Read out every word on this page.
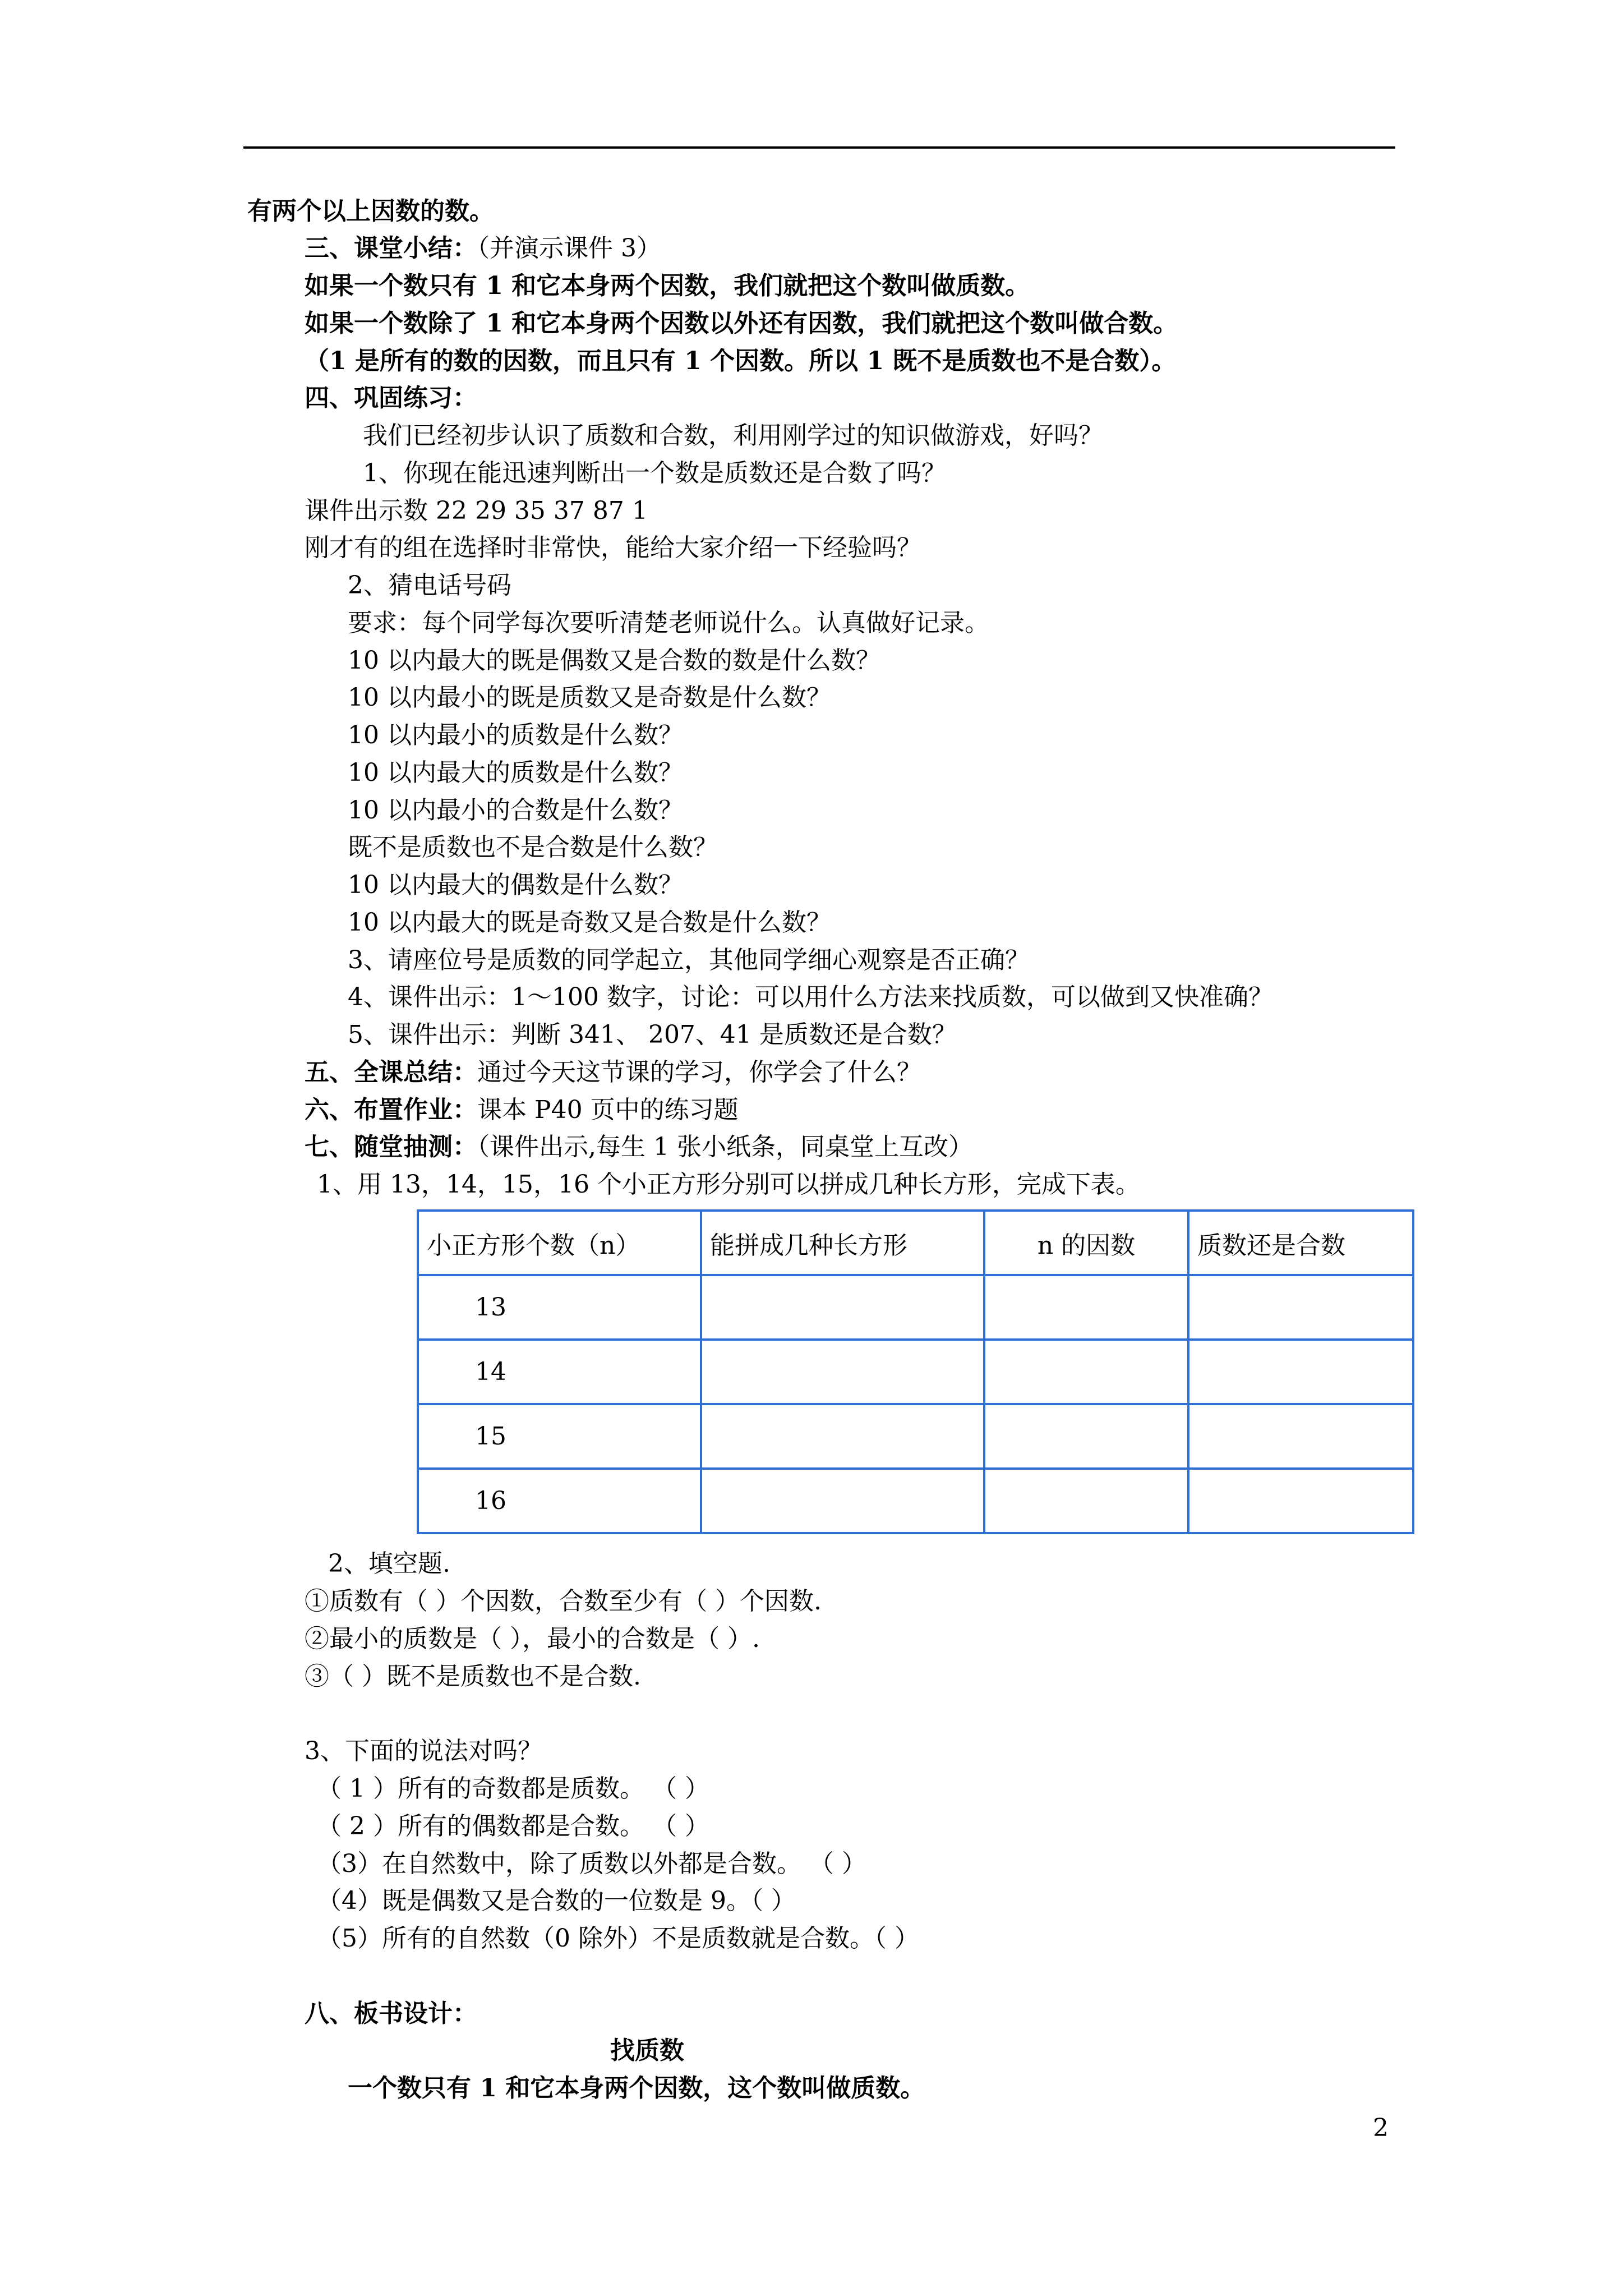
有两个以上因数的数。
三、课堂小结：（并演示课件 3）
如果一个数只有 1 和它本身两个因数，我们就把这个数叫做质数。
如果一个数除了 1 和它本身两个因数以外还有因数，我们就把这个数叫做合数。
（1 是所有的数的因数，而且只有 1 个因数。所以 1 既不是质数也不是合数）。
四、巩固练习：
我们已经初步认识了质数和合数，利用刚学过的知识做游戏，好吗？
1、你现在能迅速判断出一个数是质数还是合数了吗？
课件出示数 22 29 35 37 87 1
刚才有的组在选择时非常快，能给大家介绍一下经验吗？
2、猜电话号码
要求：每个同学每次要听清楚老师说什么。认真做好记录。
10 以内最大的既是偶数又是合数的数是什么数？
10 以内最小的既是质数又是奇数是什么数？
10 以内最小的质数是什么数？
10 以内最大的质数是什么数？
10 以内最小的合数是什么数？
既不是质数也不是合数是什么数？
10 以内最大的偶数是什么数？
10 以内最大的既是奇数又是合数是什么数？
3、请座位号是质数的同学起立，其他同学细心观察是否正确？
4、课件出示：1～100 数字，讨论：可以用什么方法来找质数，可以做到又快准确？
5、课件出示：判断 341、 207、41 是质数还是合数？
五、全课总结：通过今天这节课的学习，你学会了什么？
六、布置作业：课本 P40 页中的练习题
七、随堂抽测：（课件出示,每生 1 张小纸条，同桌堂上互改）
1、用 13，14，15，16 个小正方形分别可以拼成几种长方形，完成下表。
小正方形个数（n）	能拼成几种长方形	n 的因数	质数还是合数
13			
14			
15			
16			
2、填空题.
①质数有（ ）个因数，合数至少有（ ）个因数.
②最小的质数是（ ），最小的合数是（ ）.
③（ ）既不是质数也不是合数.
3、下面的说法对吗？
（ 1 ）所有的奇数都是质数。 （ ）
（ 2 ）所有的偶数都是合数。 （ ）
（3）在自然数中，除了质数以外都是合数。 （ ）
（4）既是偶数又是合数的一位数是 9。（ ）
（5）所有的自然数（0 除外）不是质数就是合数。（ ）
八、板书设计：
找质数
一个数只有 1 和它本身两个因数，这个数叫做质数。
2
